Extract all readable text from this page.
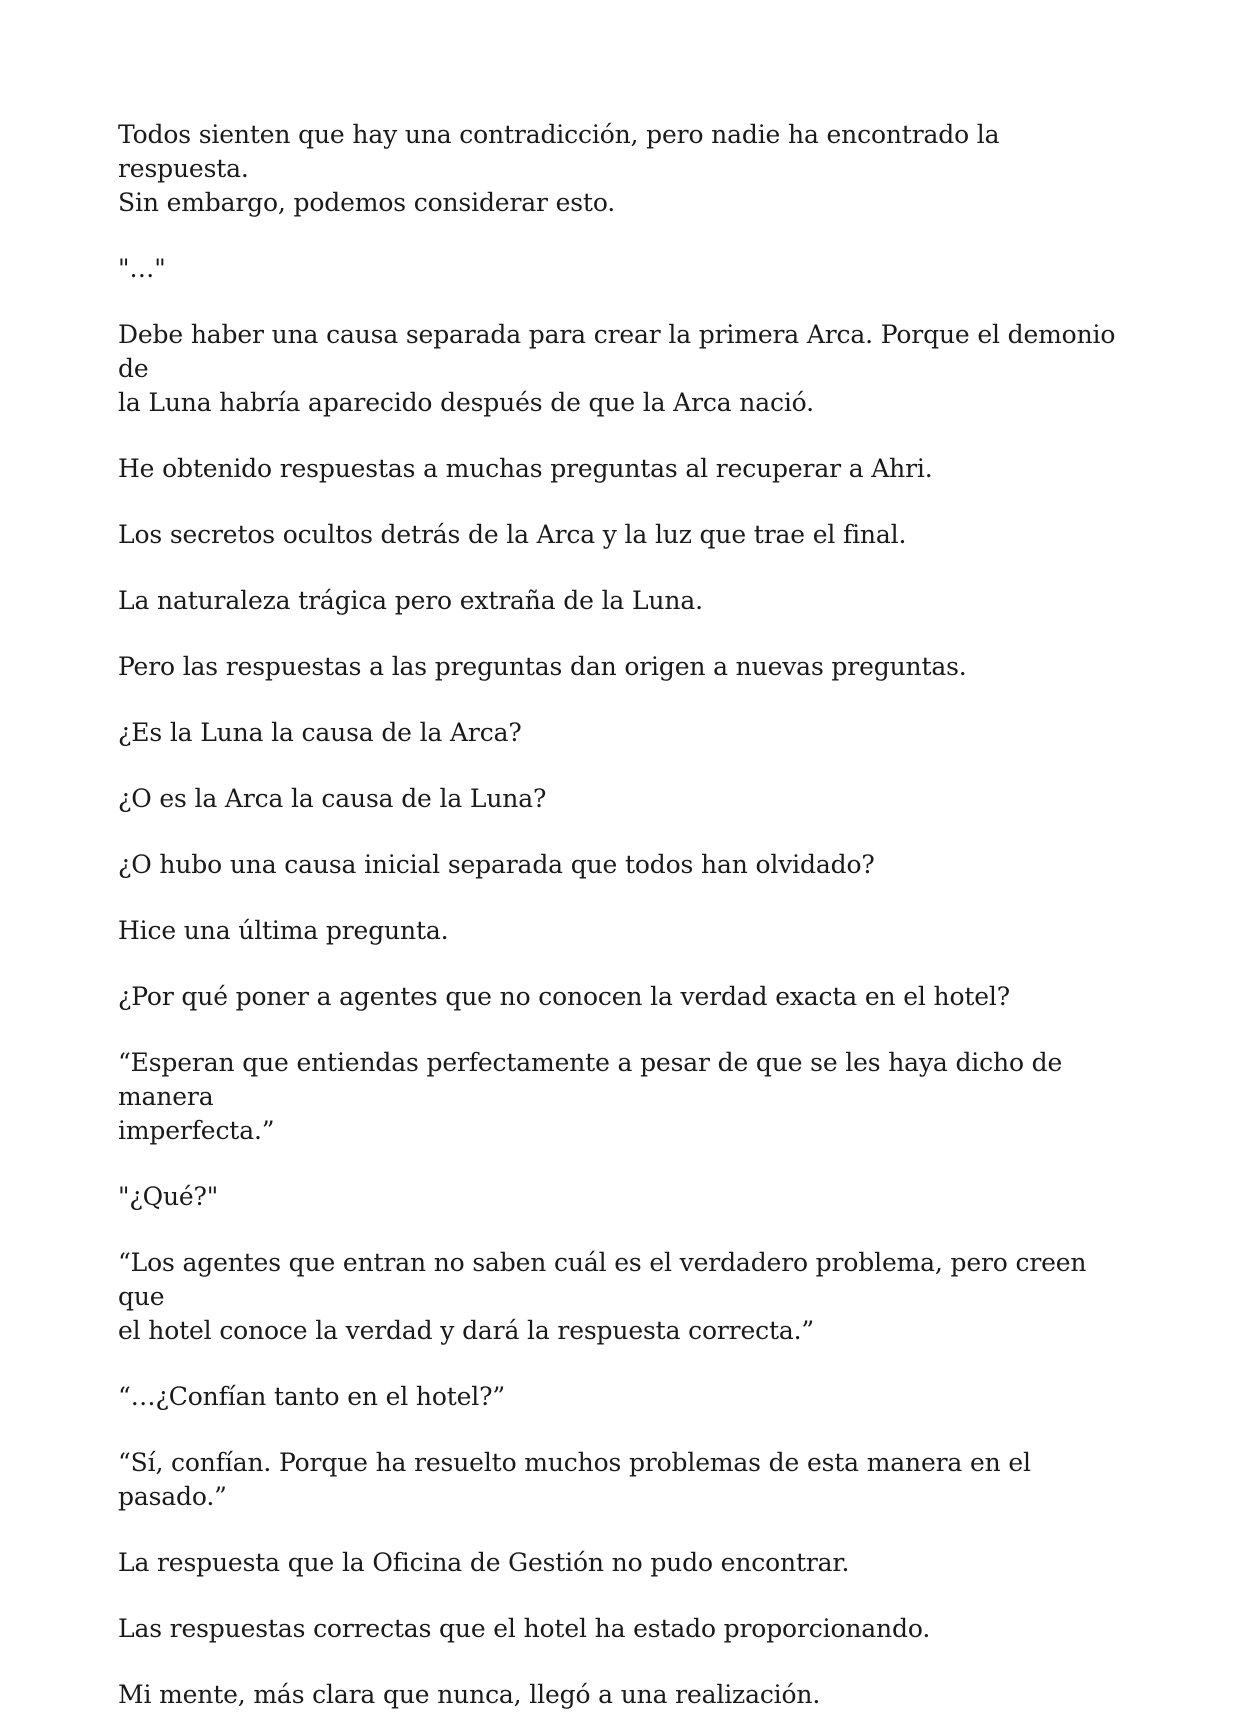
Todos sienten que hay una contradicción, pero nadie ha encontrado la respuesta.
Sin embargo, podemos considerar esto.

"…"

Debe haber una causa separada para crear la primera Arca. Porque el demonio de
la Luna habría aparecido después de que la Arca nació.

He obtenido respuestas a muchas preguntas al recuperar a Ahri.

Los secretos ocultos detrás de la Arca y la luz que trae el final.

La naturaleza trágica pero extraña de la Luna.

Pero las respuestas a las preguntas dan origen a nuevas preguntas.

¿Es la Luna la causa de la Arca?

¿O es la Arca la causa de la Luna?

¿O hubo una causa inicial separada que todos han olvidado?

Hice una última pregunta.

¿Por qué poner a agentes que no conocen la verdad exacta en el hotel?

“Esperan que entiendas perfectamente a pesar de que se les haya dicho de manera
imperfecta.”

"¿Qué?"

“Los agentes que entran no saben cuál es el verdadero problema, pero creen que
el hotel conoce la verdad y dará la respuesta correcta.”

“…¿Confían tanto en el hotel?”

“Sí, confían. Porque ha resuelto muchos problemas de esta manera en el pasado.”

La respuesta que la Oficina de Gestión no pudo encontrar.

Las respuestas correctas que el hotel ha estado proporcionando.

Mi mente, más clara que nunca, llegó a una realización.
